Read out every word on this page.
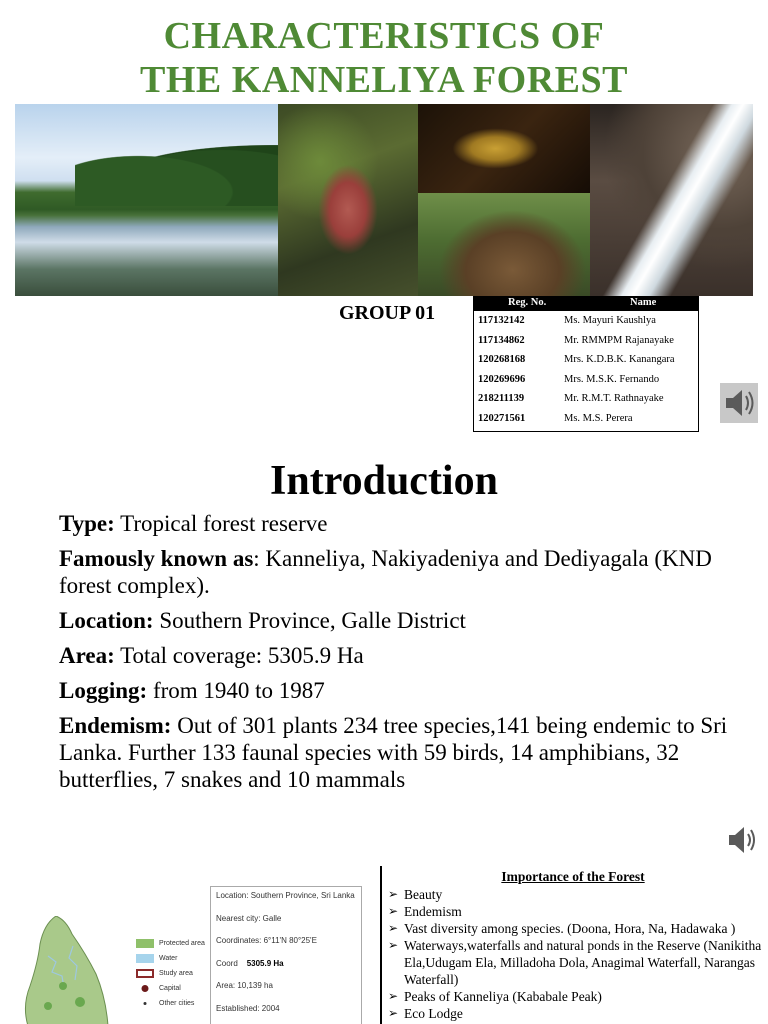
CHARACTERISTICS OF
THE KANNELIYA FOREST
GROUP 01	Reg. No.	Name
117132142	Ms. Mayuri Kaushlya
117134862	Mr. RMMPM Rajanayake
120268168	Mrs. K.D.B.K. Kanangara
120269696	Mrs. M.S.K. Fernando
218211139	Mr. R.M.T. Rathnayake
120271561	Ms. M.S. Perera
Introduction

Type: Tropical forest reserve

Famously known as: Kanneliya, Nakiyadeniya and Dediyagala (KND forest complex).

Location: Southern Province, Galle District

Area: Total coverage: 5305.9 Ha

Logging: from 1940 to 1987

Endemism: Out of 301 plants 234 tree species,141 being endemic to Sri Lanka. Further 133 faunal species with 59 birds, 14 amphibians, 32 butterflies, 7 snakes and 10 mammals

Protected area
Water
Study area
Capital
Other cities
Location: Southern Province, Sri Lanka
Nearest city: Galle
Coordinates: 6°11'N 80°25'E
Coord 5305.9 Ha
Area: 10,139 ha
Established: 2004
Importance of the Forest
➢ Beauty
➢ Endemism
➢ Vast diversity among species. (Doona, Hora, Na, Hadawaka )
➢ Waterways,waterfalls and natural ponds in the Reserve (Nanikitha Ela,Udugam Ela, Milladoha Dola, Anagimal Waterfall, Narangas Waterfall)
➢ Peaks of Kanneliya (Kababale Peak)
➢ Eco Lodge
